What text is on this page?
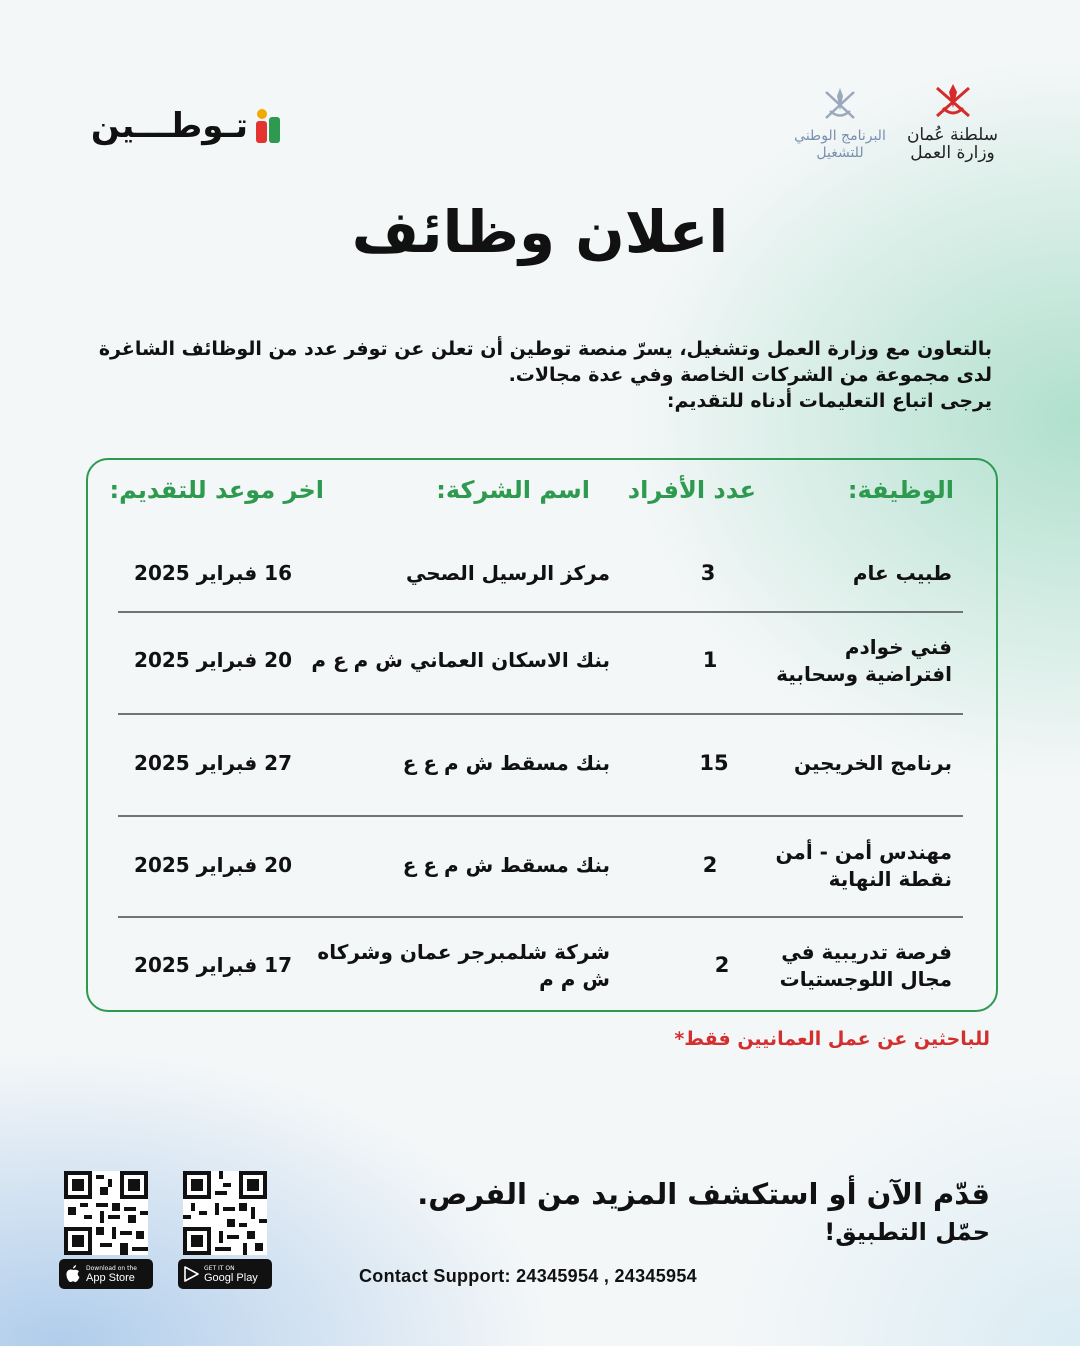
تـوطـــين	سلطنة عُمان وزارة العمل
البرنامج الوطني للتشغيل
اعلان وظائف
بالتعاون مع وزارة العمل وتشغيل، يسرّ منصة توطين أن تعلن عن توفر عدد من الوظائف الشاغرة
لدى مجموعة من الشركات الخاصة وفي عدة مجالات.
يرجى اتباع التعليمات أدناه للتقديم:
الوظيفة:
عدد الأفراد
اسم الشركة:
اخر موعد للتقديم:
طبيب عام
3
مركز الرسيل الصحي
16 فبراير 2025
فني خوادم
افتراضية وسحابية
1
بنك الاسكان العماني ش م ع م
20 فبراير 2025
برنامج الخريجين
15
بنك مسقط ش م ع ع
27 فبراير 2025
مهندس أمن - أمن
نقطة النهاية
2
بنك مسقط ش م ع ع
20 فبراير 2025
فرصة تدريبية في
مجال اللوجستيات
2
شركة شلمبرجر عمان وشركاه
ش م م
17 فبراير 2025
للباحثين عن عمل العمانيين فقط*
قدّم الآن أو استكشف المزيد من الفرص.
حمّل التطبيق!
Contact Support: 24345954 , 24345954
Download on the
App Store
GET IT ON
Googl Play
